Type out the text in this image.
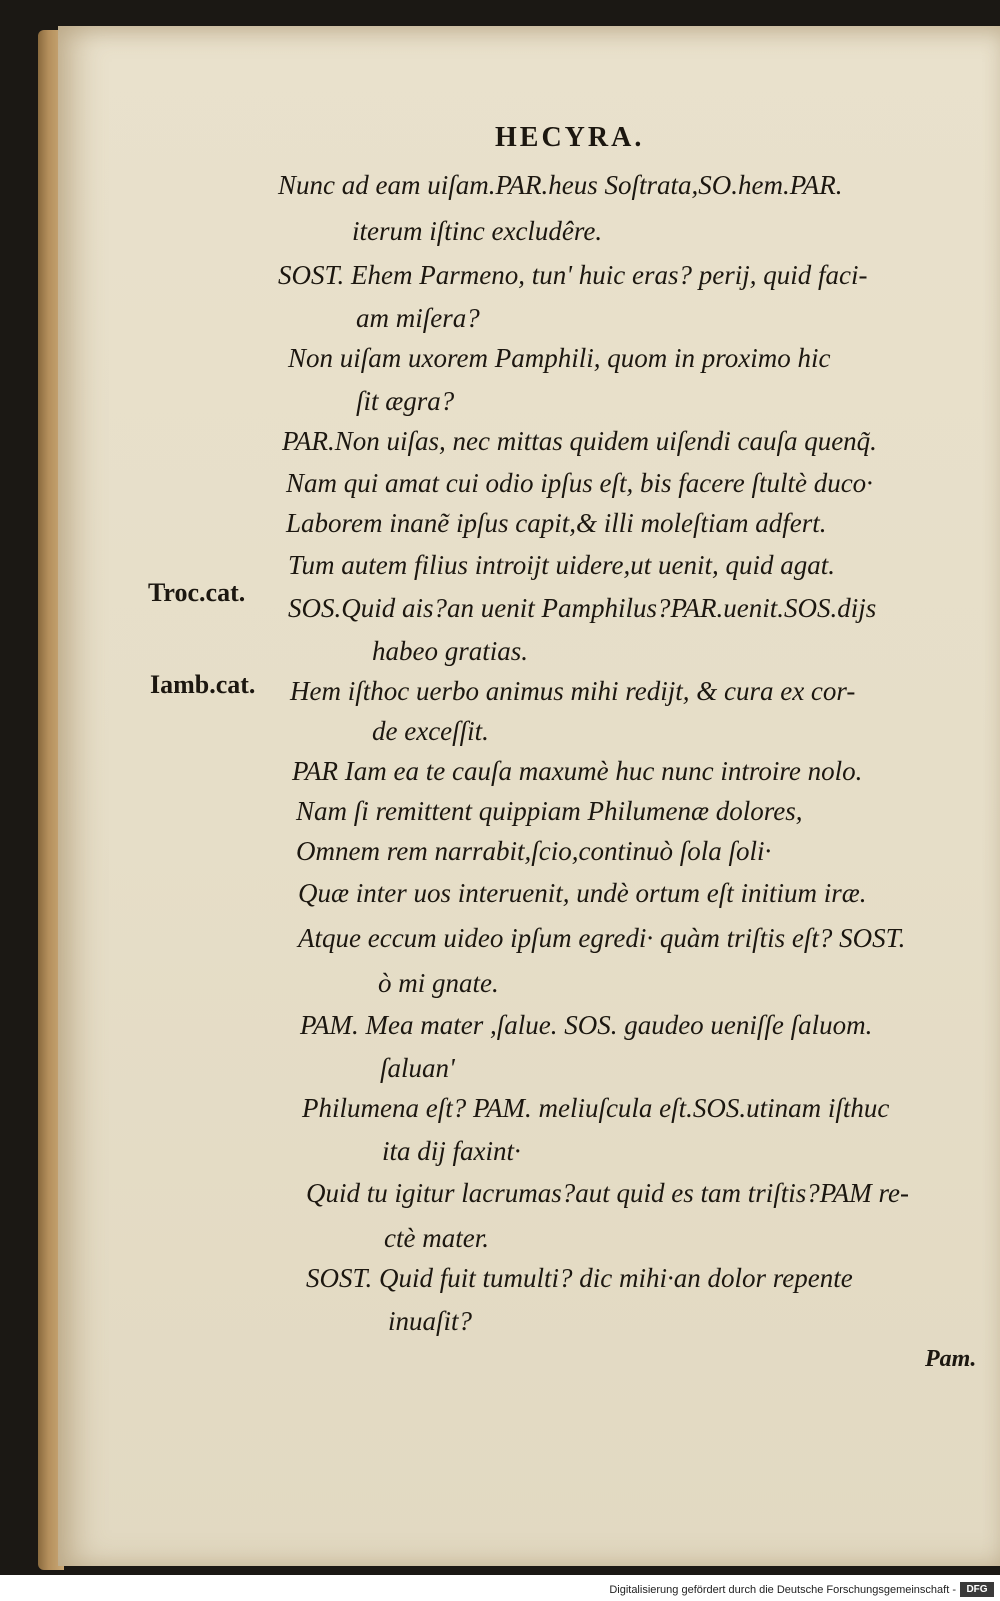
HECYRA.
Nunc ad eam uiſam.PAR.heus Soſtrata,SO.hem.PAR.
iterum iſtinc excludêre.
SOST. Ehem Parmeno, tun' huic eras? perij, quid faci-
am miſera?
Non uiſam uxorem Pamphili, quom in proximo hic
ſit ægra?
PAR.Non uiſas, nec mittas quidem uiſendi cauſa quenq̃.
Nam qui amat cui odio ipſus eſt, bis facere ſtultè duco·
Laborem inanẽ ipſus capit,& illi moleſtiam adfert.
Tum autem filius introijt uidere,ut uenit, quid agat.
SOS.Quid ais?an uenit Pamphilus?PAR.uenit.SOS.dijs
habeo gratias.
Hem iſthoc uerbo animus mihi redijt, & cura ex cor-
de exceſſit.
PAR Iam ea te cauſa maxumè huc nunc introire nolo.
Nam ſi remittent quippiam Philumenæ dolores,
Omnem rem narrabit,ſcio,continuò ſola ſoli·
Quæ inter uos interuenit, undè ortum eſt initium iræ.
Atque eccum uideo ipſum egredi· quàm triſtis eſt? SOST.
ò mi gnate.
PAM. Mea mater ,ſalue. SOS. gaudeo ueniſſe ſaluom.
ſaluan'
Philumena eſt? PAM. meliuſcula eſt.SOS.utinam iſthuc
ita dij faxint·
Quid tu igitur lacrumas?aut quid es tam triſtis?PAM re-
ctè mater.
SOST. Quid fuit tumulti? dic mihi·an dolor repente
inuaſit?
Troc.cat.
Iamb.cat.
Pam.
Digitalisierung gefördert durch die Deutsche Forschungsgemeinschaft -	DFG
